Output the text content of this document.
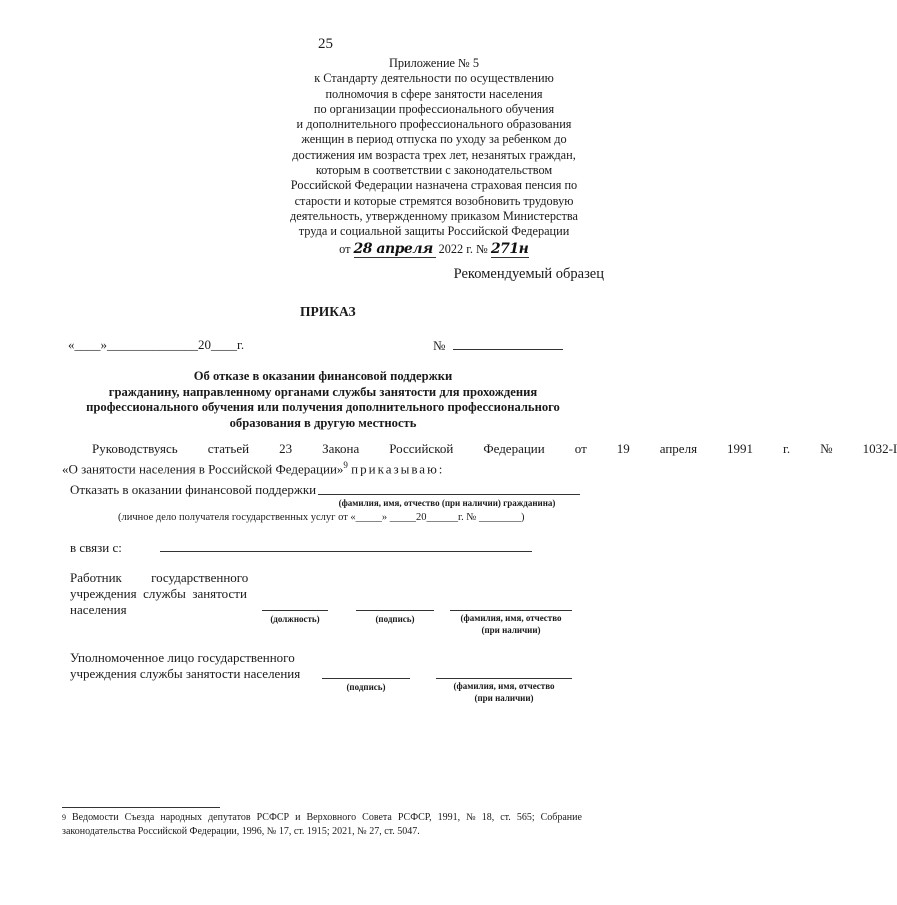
25
Приложение № 5
к Стандарту деятельности по осуществлению
полномочия в сфере занятости населения
по организации профессионального обучения
и дополнительного профессионального образования
женщин в период отпуска по уходу за ребенком до
достижения им возраста трех лет, незанятых граждан,
которым в соответствии с законодательством
Российской Федерации назначена страховая пенсия по
старости и которые стремятся возобновить трудовую
деятельность, утвержденному приказом Министерства
труда и социальной защиты Российской Федерации
от 28 апреля 2022 г. № 271н
Рекомендуемый образец
ПРИКАЗ
«____»______________20____г.	№
Об отказе в оказании финансовой поддержки
гражданину, направленному органами службы занятости для прохождения
профессионального обучения или получения дополнительного профессионального
образования в другую местность
Руководствуясь	статьей	23	Закона	Российской	Федерации	от	19	апреля	1991	г.	№	1032-I
«О занятости населения в Российской Федерации»$^9$ приказываю:
Отказать в оказании финансовой поддержки
(фамилия, имя, отчество (при наличии) гражданина)
(личное дело получателя государственных услуг от «_____» _____20______г. № ________)
в связи с:
Работник         государственного
учреждения  службы  занятости
населения
(должность)	(подпись)	(фамилия, имя, отчество
(при наличии)
Уполномоченное лицо государственного
учреждения службы занятости населения
(подпись)	(фамилия, имя, отчество
(при наличии)
9 Ведомости Съезда народных депутатов РСФСР и Верховного Совета РСФСР, 1991, № 18, ст. 565; Собрание
законодательства Российской Федерации, 1996, № 17, ст. 1915; 2021, № 27, ст. 5047.
